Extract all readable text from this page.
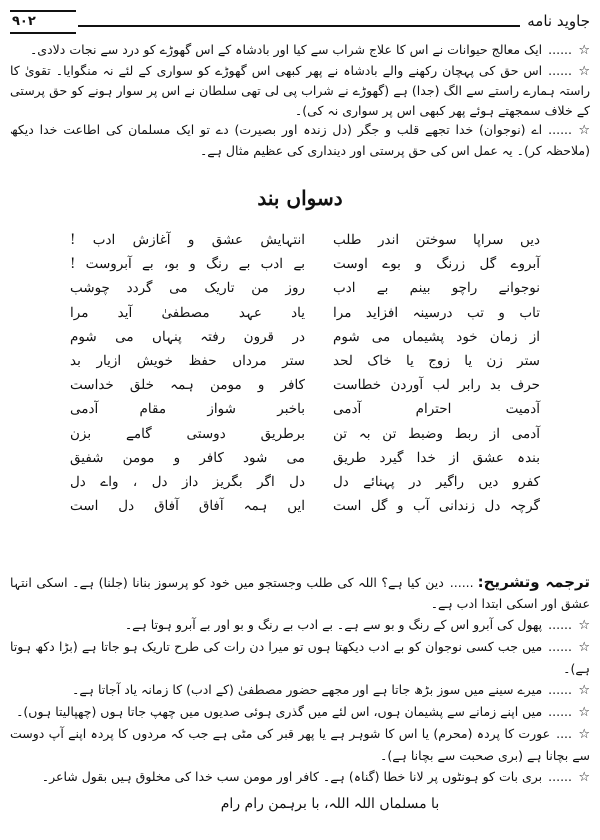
۹۰۲	جاوید نامه

☆......ایک معالج حیوانات نے اس کا علاج شراب سے کیا اور بادشاہ کے اس گھوڑے کو درد سے نجات دلادی۔

☆......اس حق کی پہچان رکھنے والے بادشاہ نے پھر کبھی اس گھوڑے کو سواری کے لئے نہ منگوایا۔ تقویٰ کا راستہ ہمارے راستے سے الگ (جدا) ہے (گھوڑے نے شراب پی لی تھی سلطان نے اس پر سوار ہونے کو حق پرستی کے خلاف سمجھتے ہوئے پھر کبھی اس پر سواری نہ کی)۔

☆......اے (نوجوان) خدا تجھے قلب و جگر (دل زندہ اور بصیرت) دے تو ایک مسلمان کی اطاعت خدا دیکھ (ملاحظہ کر)۔ یہ عمل اس کی حق پرستی اور دینداری کی عظیم مثال ہے۔

دسواں بند
دیں سراپا سوختن اندر طلب
انتہایش عشق و آغازش ادب !
آبروے گل زرنگ و بوے اوست
بے ادب بے رنگ و بو، بے آبروست !
نوجوانے راچو بینم بے ادب
روز من تاریک می گردد چوشب
تاب و تب درسینہ افزاید مرا
یاد عہد مصطفیٰ آید مرا
از زمان خود پشیماں می شوم
در قرون رفتہ پنہاں می شوم
ستر زن یا زوج یا خاک لحد
ستر مرداں حفظ خویش ازیار بد
حرف بد رابر لب آوردن خطاست
کافر و مومن ہمہ خلق خداست
آدمیت احترام آدمی
باخبر شواز مقام آدمی
آدمی از ربط وضبط تن بہ تن
برطریق دوستی گامے بزن
بندہ عشق از خدا گیرد طریق
می شود کافر و مومن شفیق
کفرو دیں راگیر در پہنائے دل
دل اگر بگریز داز دل ، واے دل
گرچہ دل زندانی آب و گل است
ایں ہمہ آفاق آفاق دل است

ترجمہ وتشریح:......دین کیا ہے؟ اللہ کی طلب وجستجو میں خود کو پرسوز بنانا (جلنا) ہے۔ اسکی انتہا عشق اور اسکی ابتدا ادب ہے۔

☆......پھول کی آبرو اس کے رنگ و بو سے ہے۔ بے ادب بے رنگ و بو اور بے آبرو ہوتا ہے۔

☆......میں جب کسی نوجوان کو بے ادب دیکھتا ہوں تو میرا دن رات کی طرح تاریک ہو جاتا ہے (بڑا دکھ ہوتا ہے)۔

☆......میرے سینے میں سوز بڑھ جاتا ہے اور مجھے حضور مصطفیٰ (کے ادب) کا زمانہ یاد آجاتا ہے۔

☆......میں اپنے زمانے سے پشیمان ہوں، اس لئے میں گذری ہوئی صدیوں میں چھپ جاتا ہوں (چھپالیتا ہوں)۔

☆....عورت کا پردہ (محرم) یا اس کا شوہر ہے یا پھر قبر کی مٹی ہے جب کہ مردوں کا پردہ اپنے آپ دوست سے بچانا ہے (بری صحبت سے بچانا ہے)۔

☆......بری بات کو ہونٹوں پر لانا خطا (گناہ) ہے۔ کافر اور مومن سب خدا کی مخلوق ہیں بقول شاعر۔

با مسلماں اللہ اللہ، با برہمن رام رام
